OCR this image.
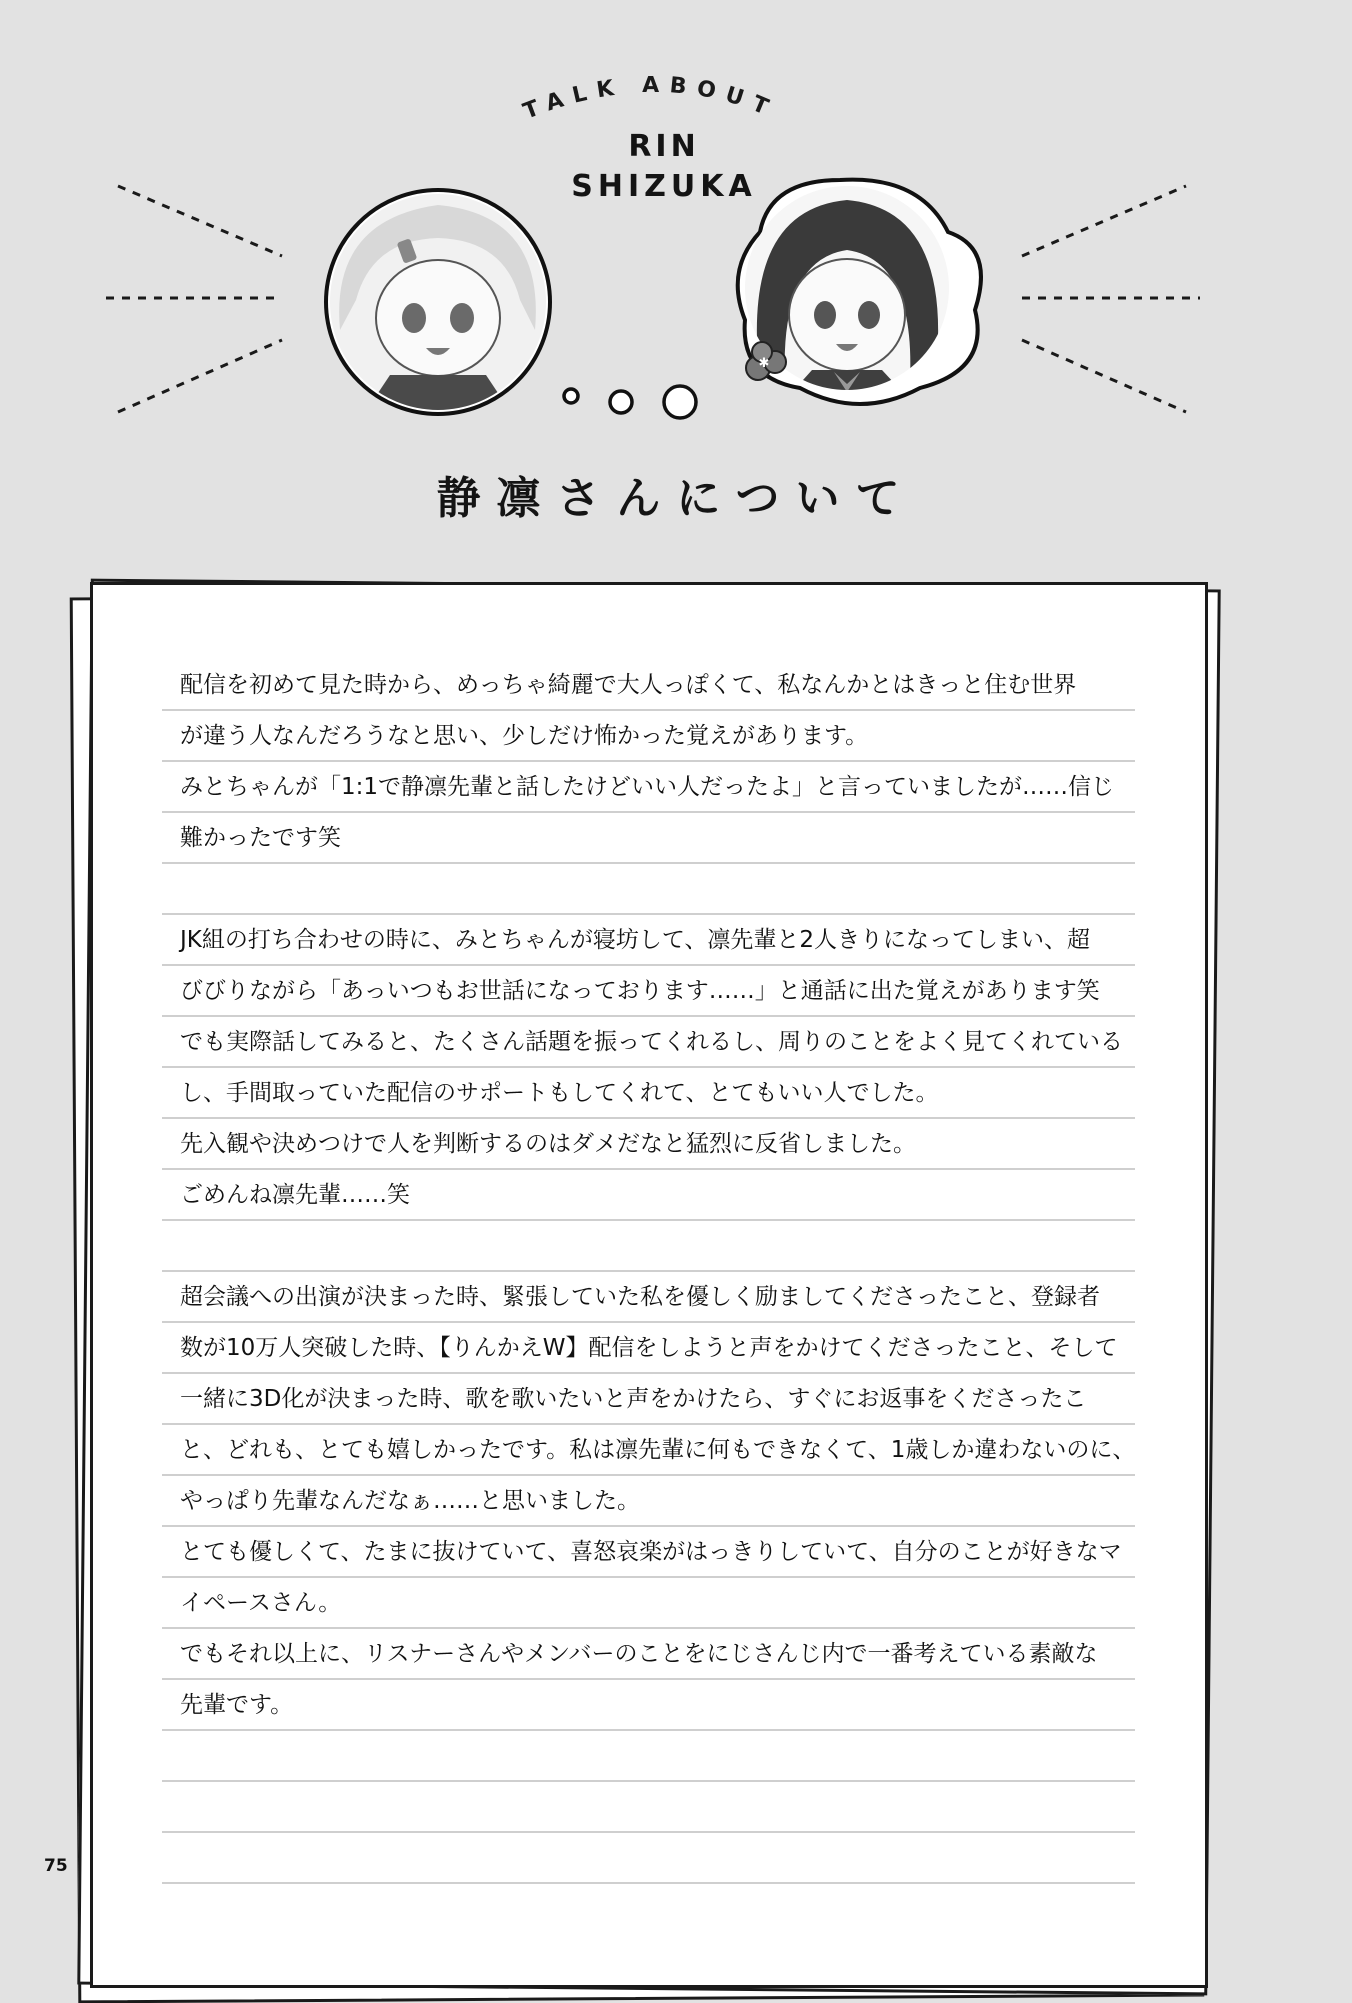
TALK ABOUT
RIN
SHIZUKA
✱
静凛さんについて
配信を初めて見た時から、めっちゃ綺麗で大人っぽくて、私なんかとはきっと住む世界
が違う人なんだろうなと思い、少しだけ怖かった覚えがあります。
みとちゃんが「1:1で静凛先輩と話したけどいい人だったよ」と言っていましたが……信じ
難かったです笑
JK組の打ち合わせの時に、みとちゃんが寝坊して、凛先輩と2人きりになってしまい、超
びびりながら「あっいつもお世話になっております……」と通話に出た覚えがあります笑
でも実際話してみると、たくさん話題を振ってくれるし、周りのことをよく見てくれている
し、手間取っていた配信のサポートもしてくれて、とてもいい人でした。
先入観や決めつけで人を判断するのはダメだなと猛烈に反省しました。
ごめんね凛先輩……笑
超会議への出演が決まった時、緊張していた私を優しく励ましてくださったこと、登録者
数が10万人突破した時、【りんかえW】配信をしようと声をかけてくださったこと、そして
一緒に3D化が決まった時、歌を歌いたいと声をかけたら、すぐにお返事をくださったこ
と、どれも、とても嬉しかったです。私は凛先輩に何もできなくて、1歳しか違わないのに、
やっぱり先輩なんだなぁ……と思いました。
とても優しくて、たまに抜けていて、喜怒哀楽がはっきりしていて、自分のことが好きなマ
イペースさん。
でもそれ以上に、リスナーさんやメンバーのことをにじさんじ内で一番考えている素敵な
先輩です。
75
